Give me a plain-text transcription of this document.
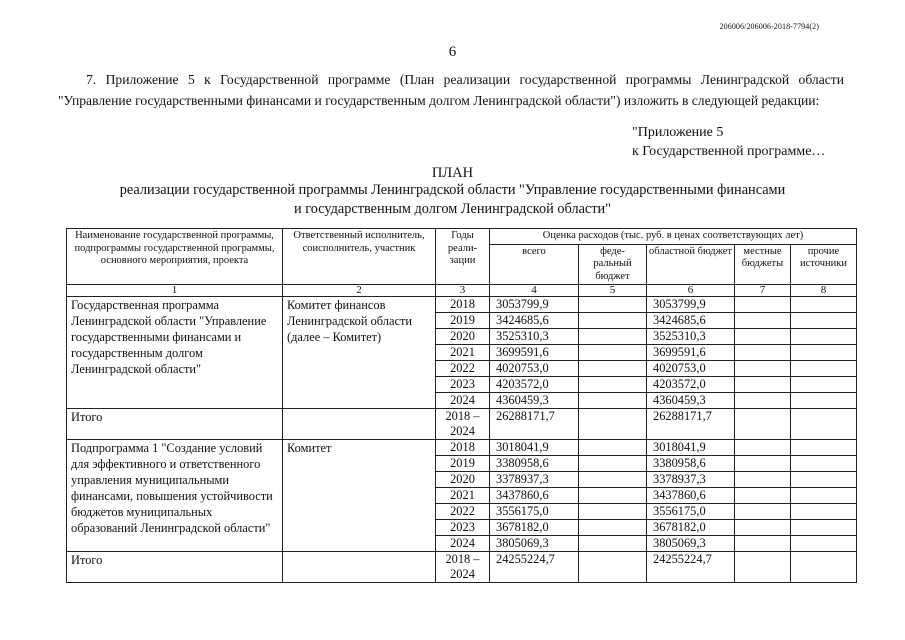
206006/206006-2018-7794(2)
6
7. Приложение 5 к Государственной программе (План реализации государственной программы Ленинградской области "Управление государственными финансами и государственным долгом Ленинградской области") изложить в следующей редакции:
"Приложение 5
к Государственной программе…
ПЛАН
реализации государственной программы Ленинградской области "Управление государственными финансами
и государственным долгом Ленинградской области"
Наименование государственной программы, подпрограммы государственной программы, основного мероприятия, проекта	Ответственный исполнитель, соисполнитель, участник	Годы реали- зации	Оценка расходов (тыс. руб. в ценах соответствующих лет)				
			всего	феде- ральный бюджет	областной бюджет	местные бюджеты	прочие источники
1	2	3	4	5	6	7	8
Государственная программа Ленинградской области "Управление государственными финансами и государственным долгом Ленинградской области"	Комитет финансов Ленинградской области (далее – Комитет)	2018	3053799,9		3053799,9		
		2019	3424685,6		3424685,6		
		2020	3525310,3		3525310,3		
		2021	3699591,6		3699591,6		
		2022	4020753,0		4020753,0		
		2023	4203572,0		4203572,0		
		2024	4360459,3		4360459,3		
Итого		2018 – 2024	26288171,7		26288171,7		
Подпрограмма 1 "Создание условий для эффективного и ответственного управления муниципальными финансами, повышения устойчивости бюджетов муниципальных образований Ленинградской области"	Комитет	2018	3018041,9		3018041,9		
		2019	3380958,6		3380958,6		
		2020	3378937,3		3378937,3		
		2021	3437860,6		3437860,6		
		2022	3556175,0		3556175,0		
		2023	3678182,0		3678182,0		
		2024	3805069,3		3805069,3		
Итого		2018 – 2024	24255224,7		24255224,7		
